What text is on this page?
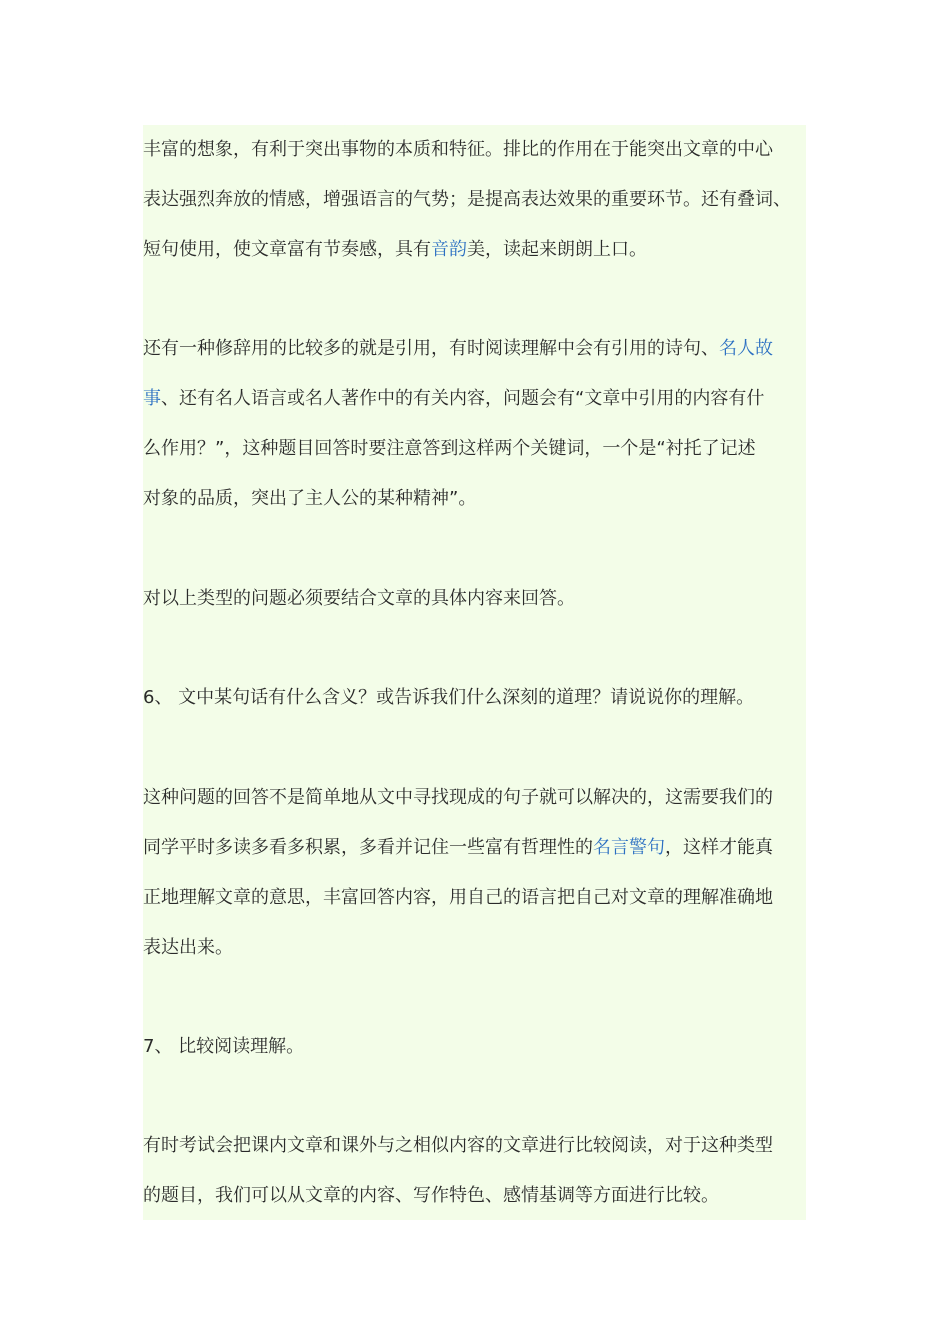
丰富的想象，有利于突出事物的本质和特征。排比的作用在于能突出文章的中心
表达强烈奔放的情感，增强语言的气势；是提高表达效果的重要环节。还有叠词、
短句使用，使文章富有节奏感，具有音韵美，读起来朗朗上口。
还有一种修辞用的比较多的就是引用，有时阅读理解中会有引用的诗句、名人故
事、还有名人语言或名人著作中的有关内容，问题会有“文章中引用的内容有什
么作用？”，这种题目回答时要注意答到这样两个关键词，一个是“衬托了记述
对象的品质，突出了主人公的某种精神”。
对以上类型的问题必须要结合文章的具体内容来回答。
6、 文中某句话有什么含义？或告诉我们什么深刻的道理？请说说你的理解。
这种问题的回答不是简单地从文中寻找现成的句子就可以解决的，这需要我们的
同学平时多读多看多积累，多看并记住一些富有哲理性的名言警句，这样才能真
正地理解文章的意思，丰富回答内容，用自己的语言把自己对文章的理解准确地
表达出来。
7、 比较阅读理解。
有时考试会把课内文章和课外与之相似内容的文章进行比较阅读，对于这种类型
的题目，我们可以从文章的内容、写作特色、感情基调等方面进行比较。
